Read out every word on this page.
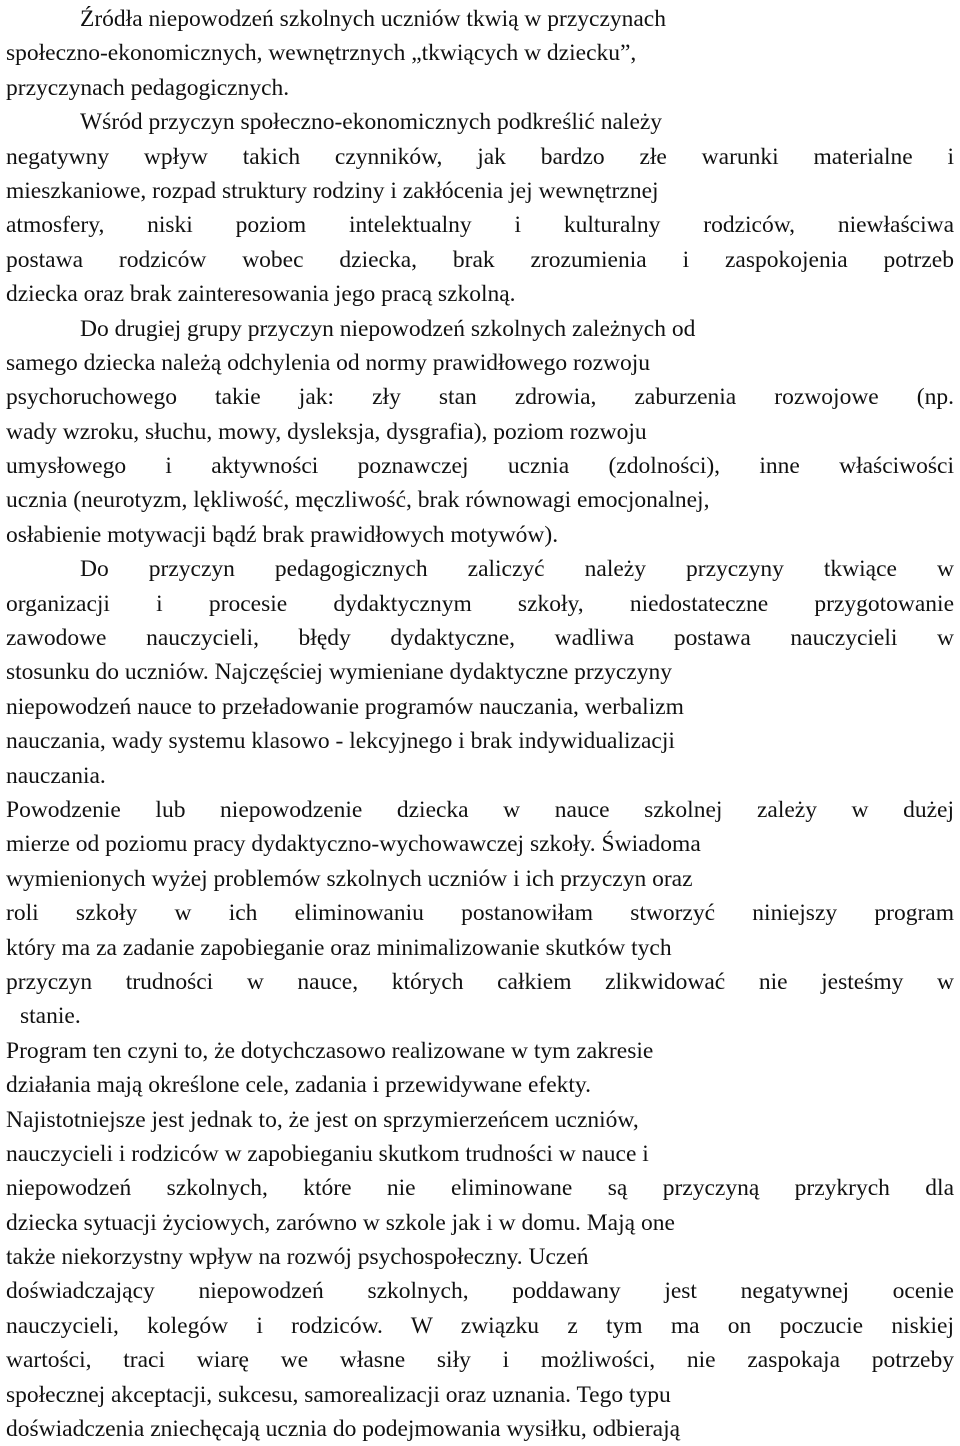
Źródła niepowodzeń szkolnych uczniów tkwią w przyczynach
społeczno-ekonomicznych, wewnętrznych „tkwiących w dziecku”,
przyczynach pedagogicznych.
Wśród przyczyn społeczno-ekonomicznych podkreślić należy
negatywny wpływ takich czynników, jak bardzo złe warunki materialne i
mieszkaniowe, rozpad struktury rodziny i zakłócenia jej wewnętrznej
atmosfery, niski poziom intelektualny i kulturalny rodziców, niewłaściwa
postawa rodziców wobec dziecka, brak zrozumienia i zaspokojenia potrzeb
dziecka oraz brak zainteresowania jego pracą szkolną.
Do drugiej grupy przyczyn niepowodzeń szkolnych zależnych od
samego dziecka należą odchylenia od normy prawidłowego rozwoju
psychoruchowego takie jak: zły stan zdrowia, zaburzenia rozwojowe (np.
wady wzroku, słuchu, mowy, dysleksja, dysgrafia), poziom rozwoju
umysłowego i aktywności poznawczej ucznia (zdolności), inne właściwości
ucznia (neurotyzm, lękliwość, męczliwość, brak równowagi emocjonalnej,
osłabienie motywacji bądź brak prawidłowych motywów).
Do przyczyn pedagogicznych zaliczyć należy przyczyny tkwiące w
organizacji i procesie dydaktycznym szkoły, niedostateczne przygotowanie
zawodowe nauczycieli, błędy dydaktyczne, wadliwa postawa nauczycieli w
stosunku do uczniów. Najczęściej wymieniane dydaktyczne przyczyny
niepowodzeń nauce to przeładowanie programów nauczania, werbalizm
nauczania, wady systemu klasowo - lekcyjnego i brak indywidualizacji
nauczania.
Powodzenie lub niepowodzenie dziecka w nauce szkolnej zależy w dużej
mierze od poziomu pracy dydaktyczno-wychowawczej szkoły. Świadoma
wymienionych wyżej problemów szkolnych uczniów i ich przyczyn oraz
roli szkoły w ich eliminowaniu postanowiłam stworzyć niniejszy program
który ma za zadanie zapobieganie oraz minimalizowanie skutków tych
przyczyn trudności w nauce, których całkiem zlikwidować nie jesteśmy w
stanie.
Program ten czyni to, że dotychczasowo realizowane w tym zakresie
działania mają określone cele, zadania i przewidywane efekty.
Najistotniejsze jest jednak to, że jest on sprzymierzeńcem uczniów,
nauczycieli i rodziców w zapobieganiu skutkom trudności w nauce i
niepowodzeń szkolnych, które nie eliminowane są przyczyną przykrych dla
dziecka sytuacji życiowych, zarówno w szkole jak i w domu. Mają one
także niekorzystny wpływ na rozwój psychospołeczny. Uczeń
doświadczający niepowodzeń szkolnych, poddawany jest negatywnej ocenie
nauczycieli, kolegów i rodziców. W związku z tym ma on poczucie niskiej
wartości, traci wiarę we własne siły i możliwości, nie zaspokaja potrzeby
społecznej akceptacji, sukcesu, samorealizacji oraz uznania. Tego typu
doświadczenia zniechęcają ucznia do podejmowania wysiłku, odbierają
